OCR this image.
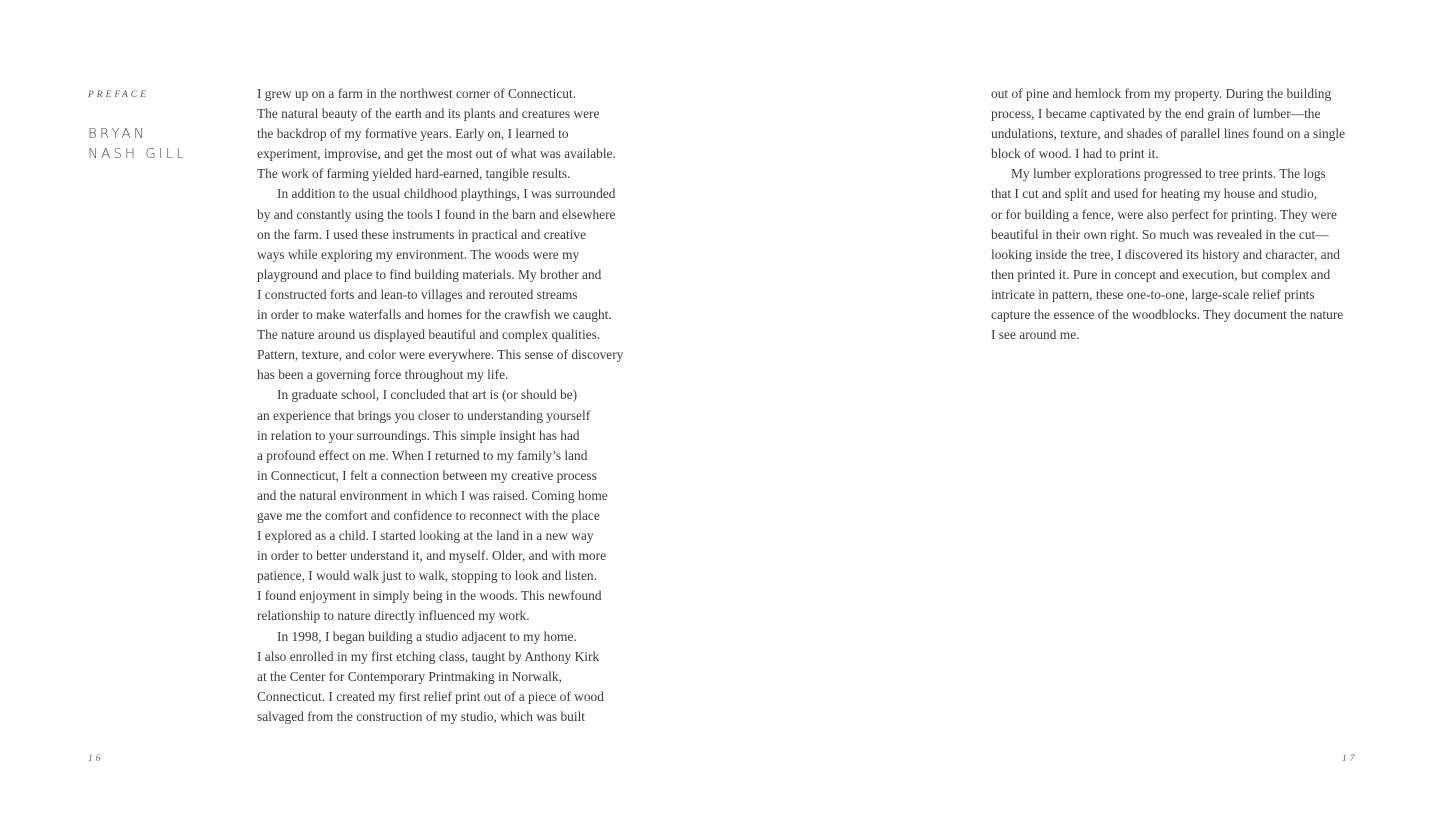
PREFACE
BRYAN
NASH GILL
I grew up on a farm in the northwest corner of Connecticut.
The natural beauty of the earth and its plants and creatures were
the backdrop of my formative years. Early on, I learned to
experiment, improvise, and get the most out of what was available.
The work of farming yielded hard-earned, tangible results.
In addition to the usual childhood playthings, I was surrounded
by and constantly using the tools I found in the barn and elsewhere
on the farm. I used these instruments in practical and creative
ways while exploring my environment. The woods were my
playground and place to find building materials. My brother and
I constructed forts and lean-to villages and rerouted streams
in order to make waterfalls and homes for the crawfish we caught.
The nature around us displayed beautiful and complex qualities.
Pattern, texture, and color were everywhere. This sense of discovery
has been a governing force throughout my life.
In graduate school, I concluded that art is (or should be)
an experience that brings you closer to understanding yourself
in relation to your surroundings. This simple insight has had
a profound effect on me. When I returned to my family’s land
in Connecticut, I felt a connection between my creative process
and the natural environment in which I was raised. Coming home
gave me the comfort and confidence to reconnect with the place
I explored as a child. I started looking at the land in a new way
in order to better understand it, and myself. Older, and with more
patience, I would walk just to walk, stopping to look and listen.
I found enjoyment in simply being in the woods. This newfound
relationship to nature directly influenced my work.
In 1998, I began building a studio adjacent to my home.
I also enrolled in my first etching class, taught by Anthony Kirk
at the Center for Contemporary Printmaking in Norwalk,
Connecticut. I created my first relief print out of a piece of wood
salvaged from the construction of my studio, which was built
out of pine and hemlock from my property. During the building
process, I became captivated by the end grain of lumber—the
undulations, texture, and shades of parallel lines found on a single
block of wood. I had to print it.
My lumber explorations progressed to tree prints. The logs
that I cut and split and used for heating my house and studio,
or for building a fence, were also perfect for printing. They were
beautiful in their own right. So much was revealed in the cut—
looking inside the tree, I discovered its history and character, and
then printed it. Pure in concept and execution, but complex and
intricate in pattern, these one-to-one, large-scale relief prints
capture the essence of the woodblocks. They document the nature
I see around me.
16	17
